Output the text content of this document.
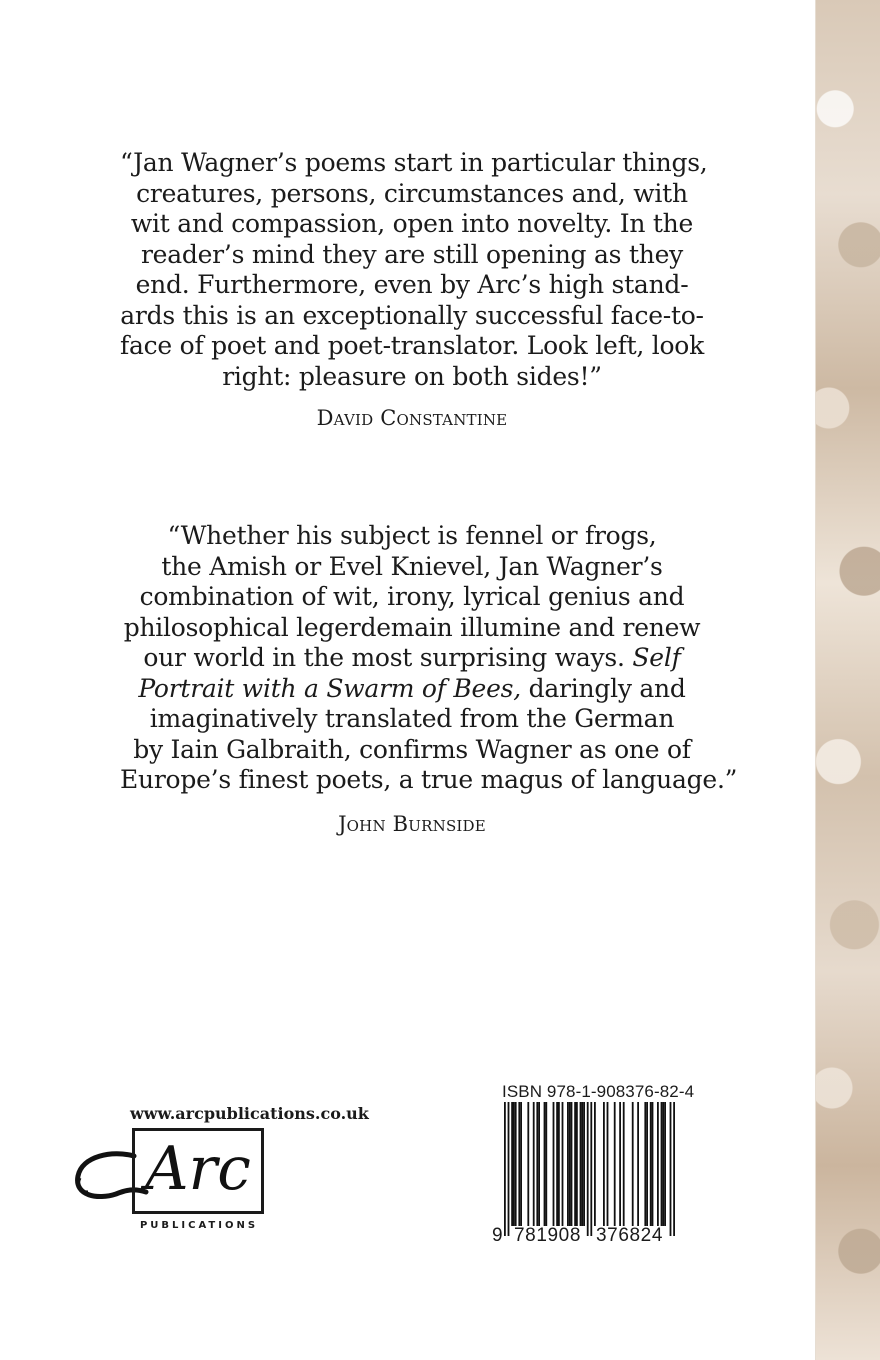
“Jan Wagner’s poems start in particular things,
creatures, persons, circumstances and, with
wit and compassion, open into novelty. In the
reader’s mind they are still opening as they
end. Furthermore, even by Arc’s high stand-
ards this is an exceptionally successful face-to-
face of poet and poet-translator. Look left, look
right: pleasure on both sides!”
David Constantine
“Whether his subject is fennel or frogs,
the Amish or Evel Knievel, Jan Wagner’s
combination of wit, irony, lyrical genius and
philosophical legerdemain illumine and renew
our world in the most surprising ways. Self
Portrait with a Swarm of Bees, daringly and
imaginatively translated from the German
by Iain Galbraith, confirms Wagner as one of
Europe’s finest poets, a true magus of language.”
John Burnside
www.arcpublications.co.uk
Arc
PUBLICATIONS
ISBN 978-1-908376-82-4
9 781908 376824
